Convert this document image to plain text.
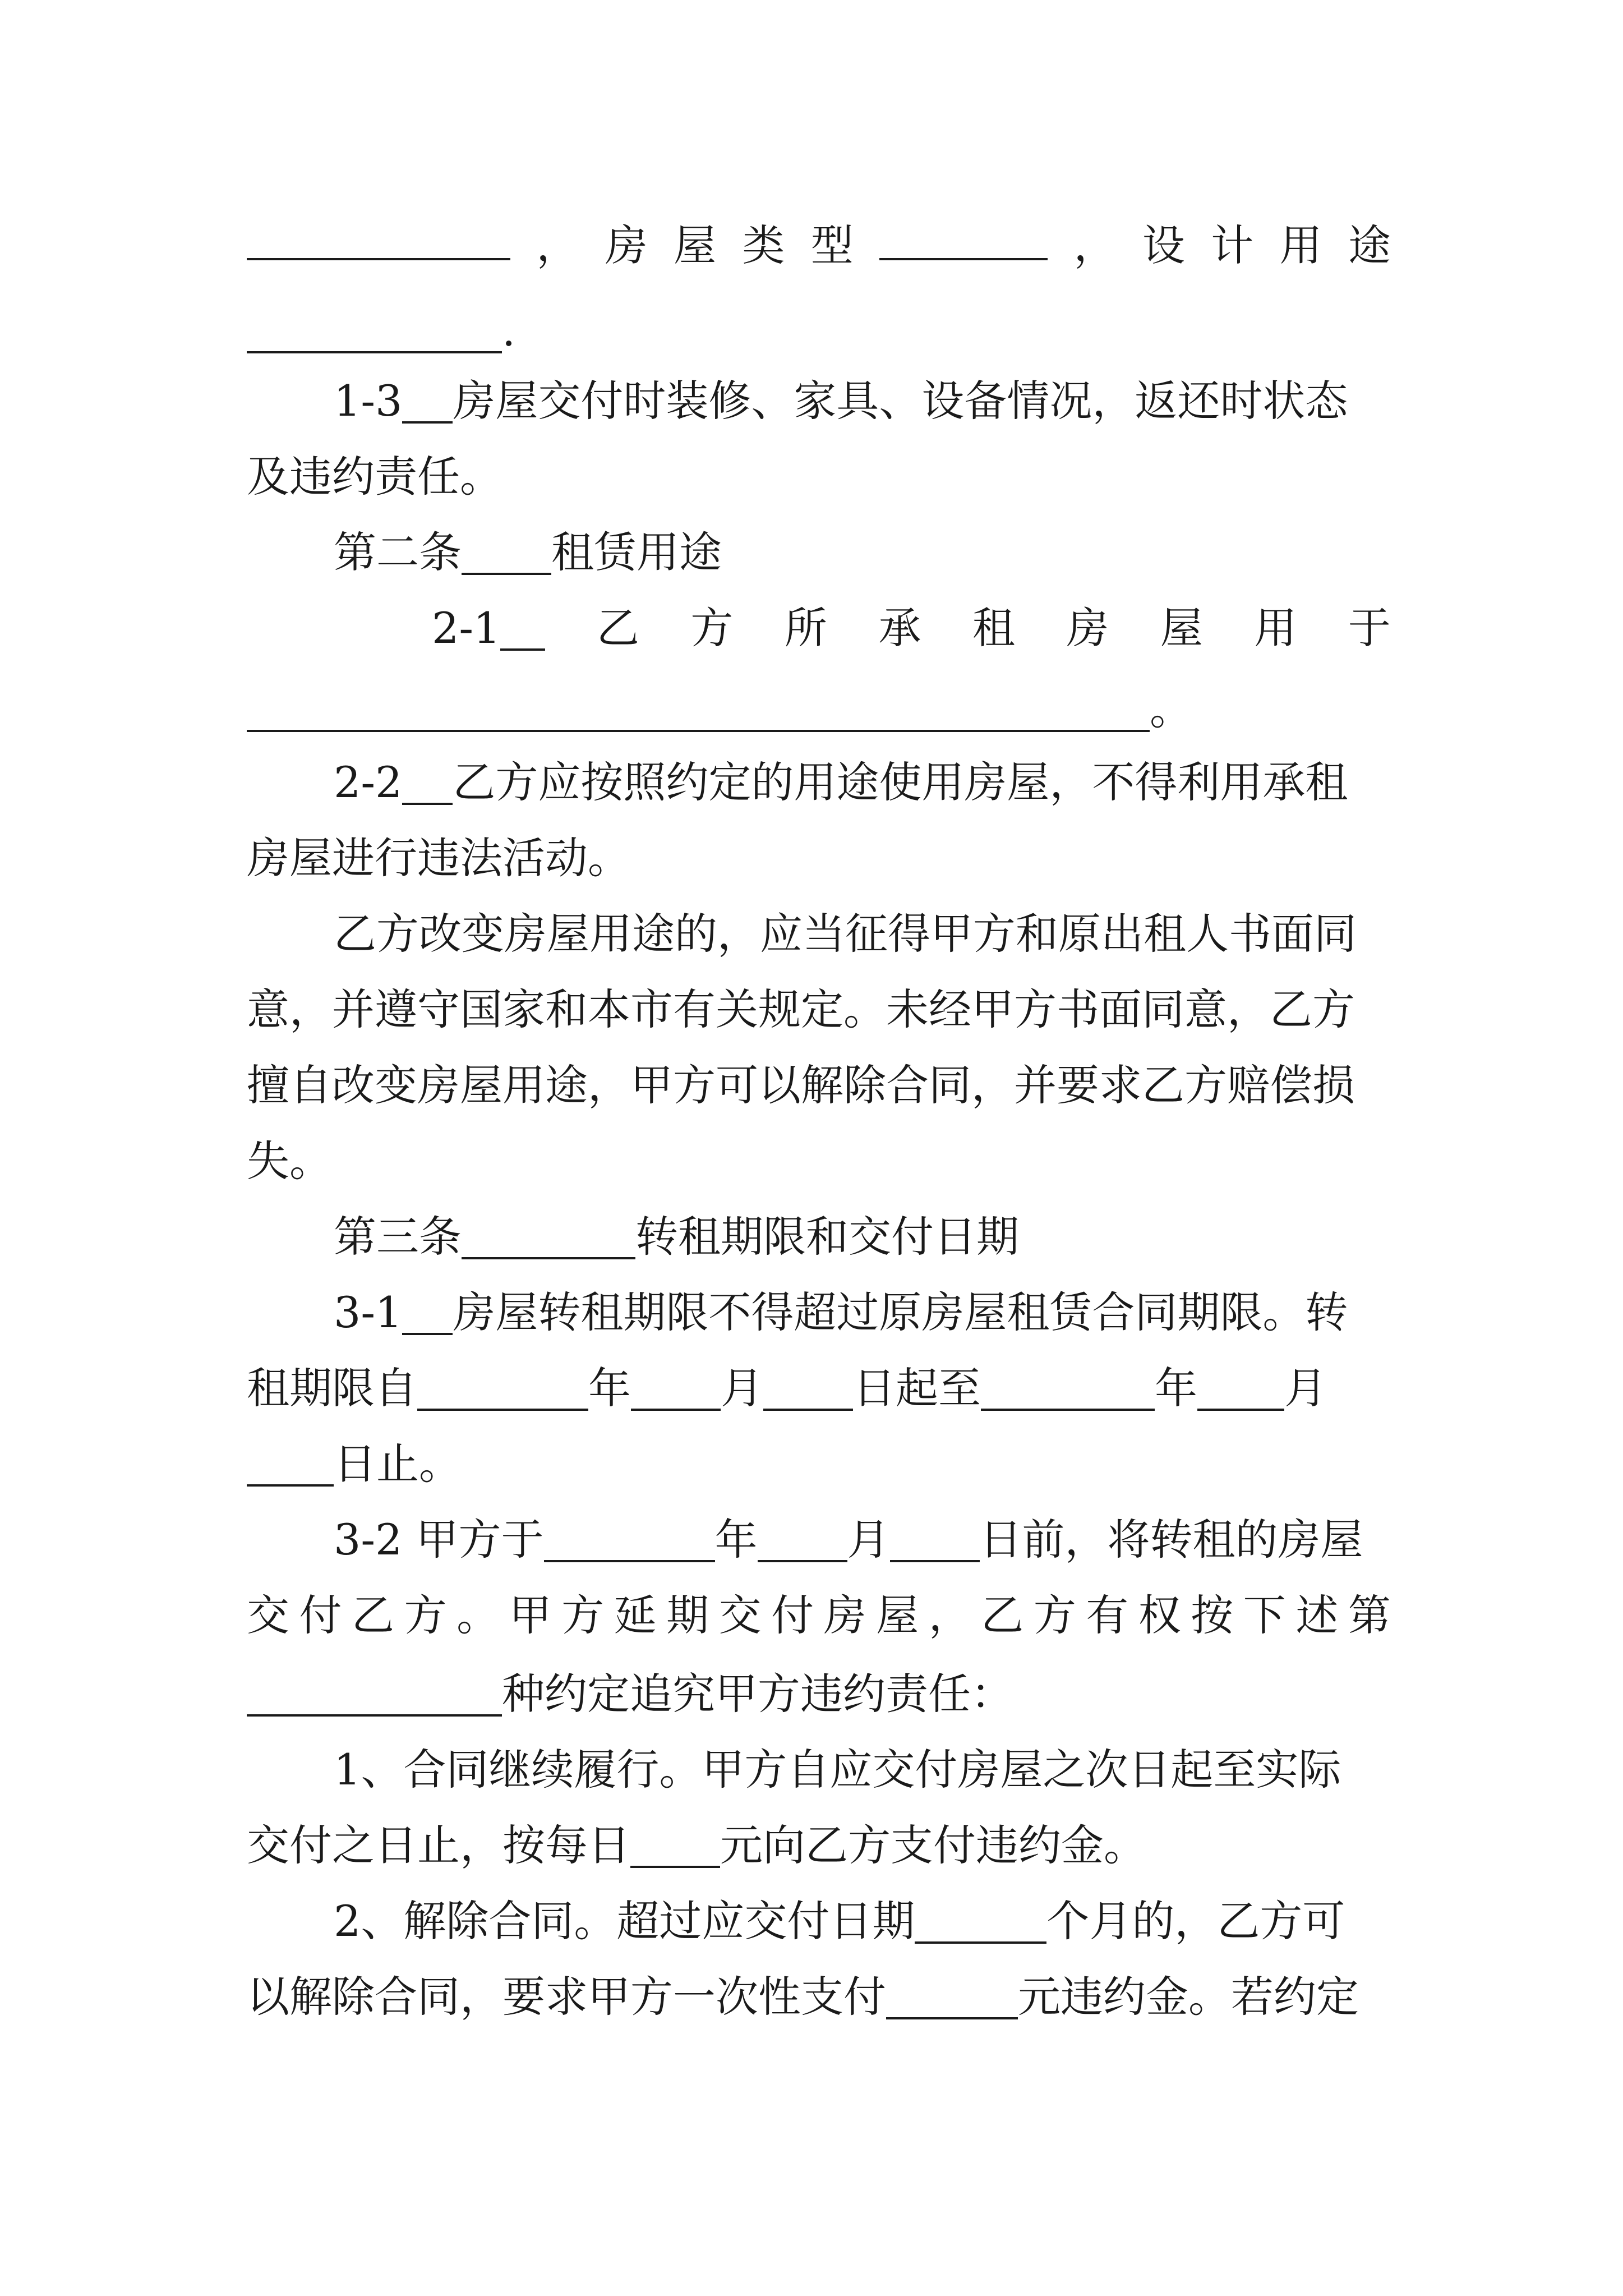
， 房 屋 类 型	， 设 计 用 途
.
1-3 房屋交付时装修、家具、设备情况，返还时状态
及违约责任。
第二条 租赁用途
2-1	乙 方 所 承 租 房 屋 用 于
。
2-2 乙方应按照约定的用途使用房屋，不得利用承租
房屋进行违法活动。
乙方改变房屋用途的，应当征得甲方和原出租人书面同
意，并遵守国家和本市有关规定。未经甲方书面同意，乙方
擅自改变房屋用途，甲方可以解除合同，并要求乙方赔偿损
失。
第三条	转租期限和交付日期
3-1 房屋转租期限不得超过原房屋租赁合同期限。转
租期限自	年 月 日起至	年 月
日止。
3-2 甲方于	年 月 日前，将转租的房屋
交 付 乙 方 。 甲 方 延 期 交 付 房 屋 ， 乙 方 有 权 按 下 述 第
种约定追究甲方违约责任：
1、合同继续履行。甲方自应交付房屋之次日起至实际
交付之日止，按每日 元向乙方支付违约金。
2、解除合同。超过应交付日期	个月的，乙方可
以解除合同，要求甲方一次性支付	元违约金。若约定
